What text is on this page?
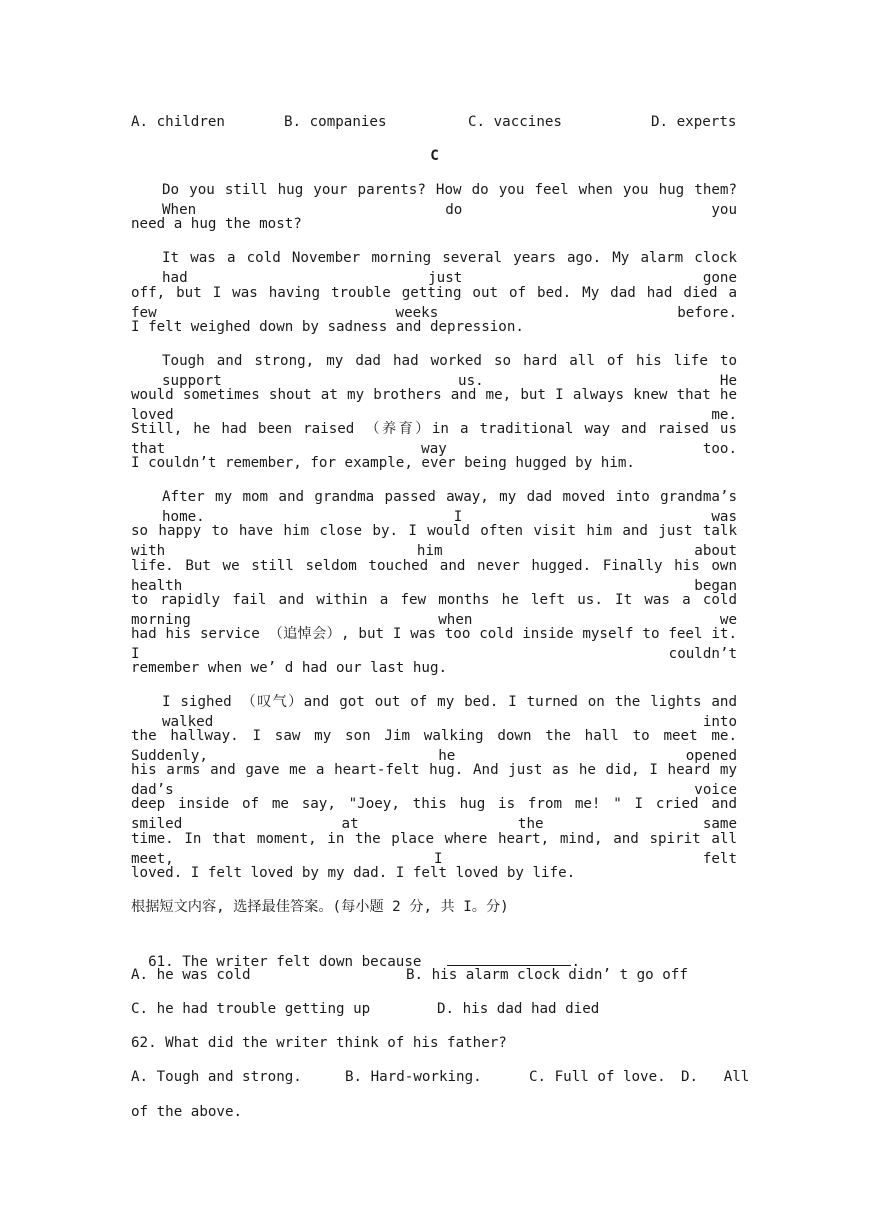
A. children	B. companies	C. vaccines	D. experts
C
Do you still hug your parents? How do you feel when you hug them? When do you
need a hug the most?
It was a cold November morning several years ago. My alarm clock had just gone
off, but I was having trouble getting out of bed. My dad had died a few weeks before.
I felt weighed down by sadness and depression.
Tough and strong, my dad had worked so hard all of his life to support us. He
would sometimes shout at my brothers and me, but I always knew that he loved me.
Still, he had been raised （养育）in a traditional way and raised us that way too.
I couldn’t remember, for example, ever being hugged by him.
After my mom and grandma passed away, my dad moved into grandma’s home. I was
so happy to have him close by. I would often visit him and just talk with him about
life. But we still seldom touched and never hugged. Finally his own health began
to rapidly fail and within a few months he left us. It was a cold morning when we
had his service （追悼会）, but I was too cold inside myself to feel it. I couldn’t
remember when we’ d had our last hug.
I sighed （叹气）and got out of my bed. I turned on the lights and walked into
the hallway. I saw my son Jim walking down the hall to meet me. Suddenly, he opened
his arms and gave me a heart-felt hug. And just as he did, I heard my dad’s voice
deep inside of me say, "Joey, this hug is from me! " I cried and smiled at the same
time. In that moment, in the place where heart, mind, and spirit all meet, I felt
loved. I felt loved by my dad. I felt loved by life.
根据短文内容, 选择最佳答案。(每小题 2 分, 共 I。分)

61. The writer felt down because	.

A. he was cold	B. his alarm clock didn’ t go off
C. he had trouble getting up	D. his dad had died
62. What did the writer think of his father?
A. Tough and strong.	B. Hard-working.	C. Full of love. D.   All
of the above.
